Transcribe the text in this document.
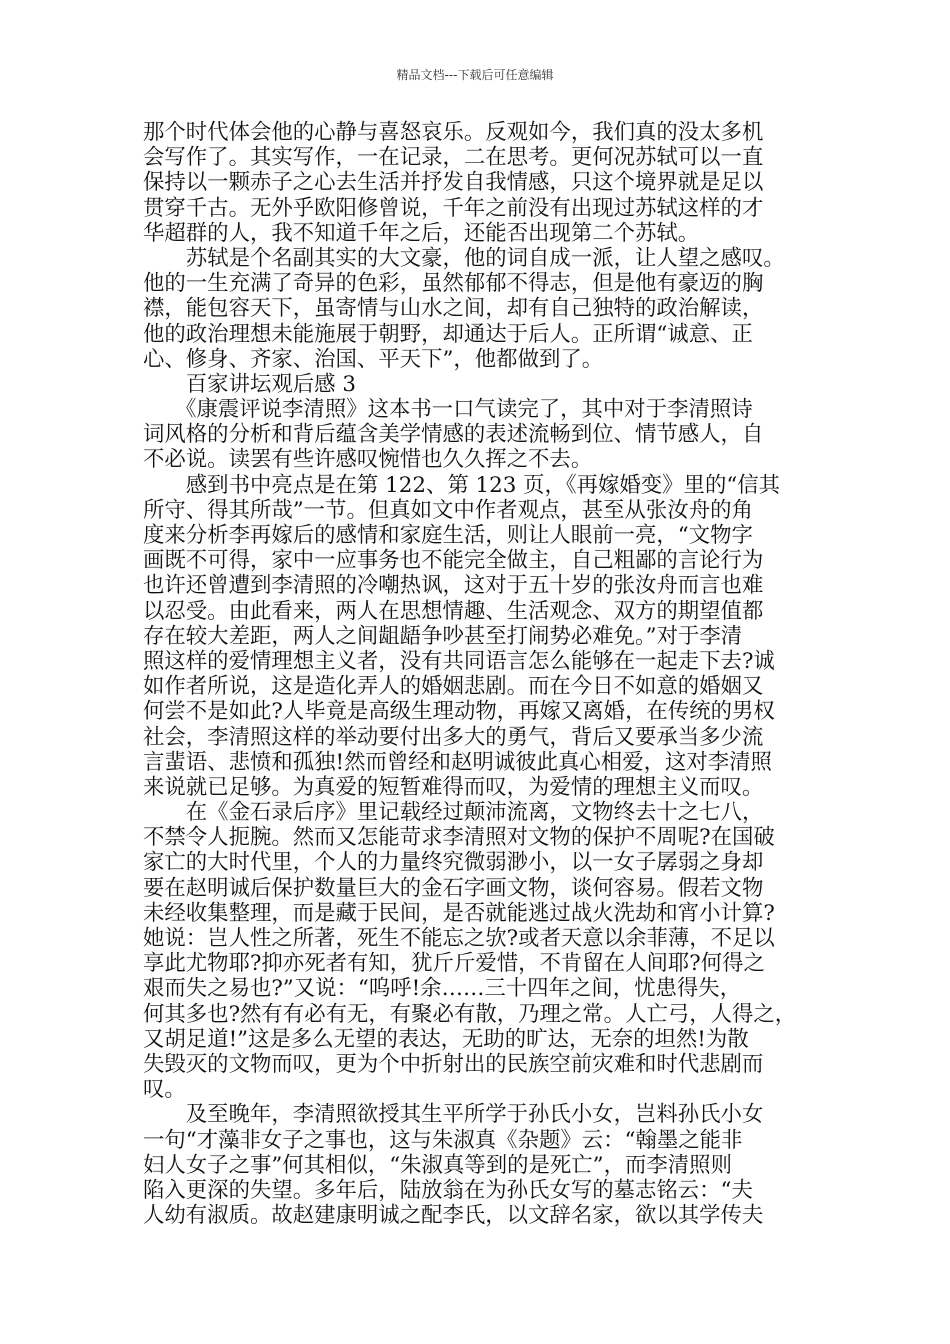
精品文档---下载后可任意编辑
那个时代体会他的心静与喜怒哀乐。反观如今，我们真的没太多机
会写作了。其实写作，一在记录，二在思考。更何况苏轼可以一直
保持以一颗赤子之心去生活并抒发自我情感，只这个境界就是足以
贯穿千古。无外乎欧阳修曾说，千年之前没有出现过苏轼这样的才
华超群的人，我不知道千年之后，还能否出现第二个苏轼。
　　苏轼是个名副其实的大文豪，他的词自成一派，让人望之感叹。
他的一生充满了奇异的色彩，虽然郁郁不得志，但是他有豪迈的胸
襟，能包容天下，虽寄情与山水之间，却有自己独特的政治解读，
他的政治理想未能施展于朝野，却通达于后人。正所谓“诚意、正
心、修身、齐家、治国、平天下”，他都做到了。
　　百家讲坛观后感 3
　　《康震评说李清照》这本书一口气读完了，其中对于李清照诗
词风格的分析和背后蕴含美学情感的表述流畅到位、情节感人，自
不必说。读罢有些许感叹惋惜也久久挥之不去。
　　感到书中亮点是在第 122、第 123 页，《再嫁婚变》里的“信其
所守、得其所哉”一节。但真如文中作者观点，甚至从张汝舟的角
度来分析李再嫁后的感情和家庭生活，则让人眼前一亮，“文物字
画既不可得，家中一应事务也不能完全做主，自己粗鄙的言论行为
也许还曾遭到李清照的冷嘲热讽，这对于五十岁的张汝舟而言也难
以忍受。由此看来，两人在思想情趣、生活观念、双方的期望值都
存在较大差距，两人之间龃龉争吵甚至打闹势必难免。”对于李清
照这样的爱情理想主义者，没有共同语言怎么能够在一起走下去?诚
如作者所说，这是造化弄人的婚姻悲剧。而在今日不如意的婚姻又
何尝不是如此?人毕竟是高级生理动物，再嫁又离婚，在传统的男权
社会，李清照这样的举动要付出多大的勇气，背后又要承当多少流
言蜚语、悲愤和孤独!然而曾经和赵明诚彼此真心相爱，这对李清照
来说就已足够。为真爱的短暂难得而叹，为爱情的理想主义而叹。
　　在《金石录后序》里记载经过颠沛流离，文物终去十之七八，
不禁令人扼腕。然而又怎能苛求李清照对文物的保护不周呢?在国破
家亡的大时代里，个人的力量终究微弱渺小，以一女子孱弱之身却
要在赵明诚后保护数量巨大的金石字画文物，谈何容易。假若文物
未经收集整理，而是藏于民间，是否就能逃过战火洗劫和宵小计算?
她说：岂人性之所著，死生不能忘之欤?或者天意以余菲薄，不足以
享此尤物耶?抑亦死者有知，犹斤斤爱惜，不肯留在人间耶?何得之
艰而失之易也?”又说：“呜呼!余……三十四年之间，忧患得失，
何其多也?然有有必有无，有聚必有散，乃理之常。人亡弓，人得之，
又胡足道!”这是多么无望的表达，无助的旷达，无奈的坦然!为散
失毁灭的文物而叹，更为个中折射出的民族空前灾难和时代悲剧而
叹。
　　及至晚年，李清照欲授其生平所学于孙氏小女，岂料孙氏小女
一句“才藻非女子之事也，这与朱淑真《杂题》云：“翰墨之能非
妇人女子之事”何其相似，“朱淑真等到的是死亡”，而李清照则
陷入更深的失望。多年后，陆放翁在为孙氏女写的墓志铭云：“夫
人幼有淑质。故赵建康明诚之配李氏，以文辞名家，欲以其学传夫
